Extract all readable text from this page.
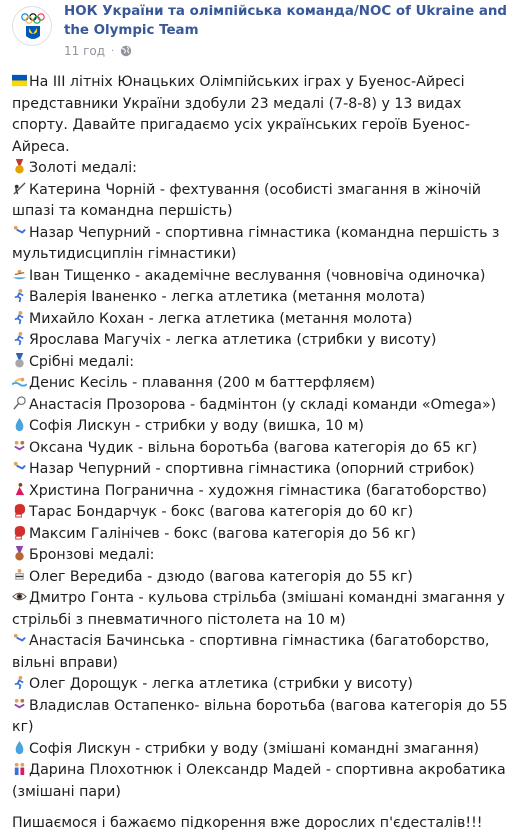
НОК України та олімпійська команда/NOC of Ukraine and the Olympic Team
11 год ·
На ІІІ літніх Юнацьких Олімпійських іграх у Буенос-Айресі представники України здобули 23 медалі (7-8-8) у 13 видах спорту. Давайте пригадаємо усіх українських героїв Буенос-Айреса.
Золоті медалі:
Катерина Чорній - фехтування (особисті змагання в жіночій шпазі та командна першість)
Назар Чепурний - спортивна гімнастика (командна першість з мультидисциплін гімнастики)
Іван Тищенко - академічне веслування (човновіча одиночка)
Валерія Іваненко - легка атлетика (метання молота)
Михайло Кохан - легка атлетика (метання молота)
Ярослава Магучіх - легка атлетика (стрибки у висоту)
Срібні медалі:
Денис Кесіль - плавання (200 м баттерфляєм)
Анастасія Прозорова - бадмінтон (у складі команди «Omega»)
Софія Лискун - стрибки у воду (вишка, 10 м)
Оксана Чудик - вільна боротьба (вагова категорія до 65 кг)
Назар Чепурний - спортивна гімнастика (опорний стрибок)
Христина Погранична - художня гімнастика (багатоборство)
Тарас Бондарчук - бокс (вагова категорія до 60 кг)
Максим Галінічев - бокс (вагова категорія до 56 кг)
Бронзові медалі:
Олег Вередиба - дзюдо (вагова категорія до 55 кг)
Дмитро Гонта - кульова стрільба (змішані командні змагання у стрільбі з пневматичного пістолета на 10 м)
Анастасія Бачинська - спортивна гімнастика (багатоборство, вільні вправи)
Олег Дорощук - легка атлетика (стрибки у висоту)
Владислав Остапенко- вільна боротьба (вагова категорія до 55 кг)
Софія Лискун - стрибки у воду (змішані командні змагання)
Дарина Плохотнюк і Олександр Мадей - спортивна акробатика (змішані пари)
Пишаємося і бажаємо підкорення вже дорослих п'єдесталів!!!
